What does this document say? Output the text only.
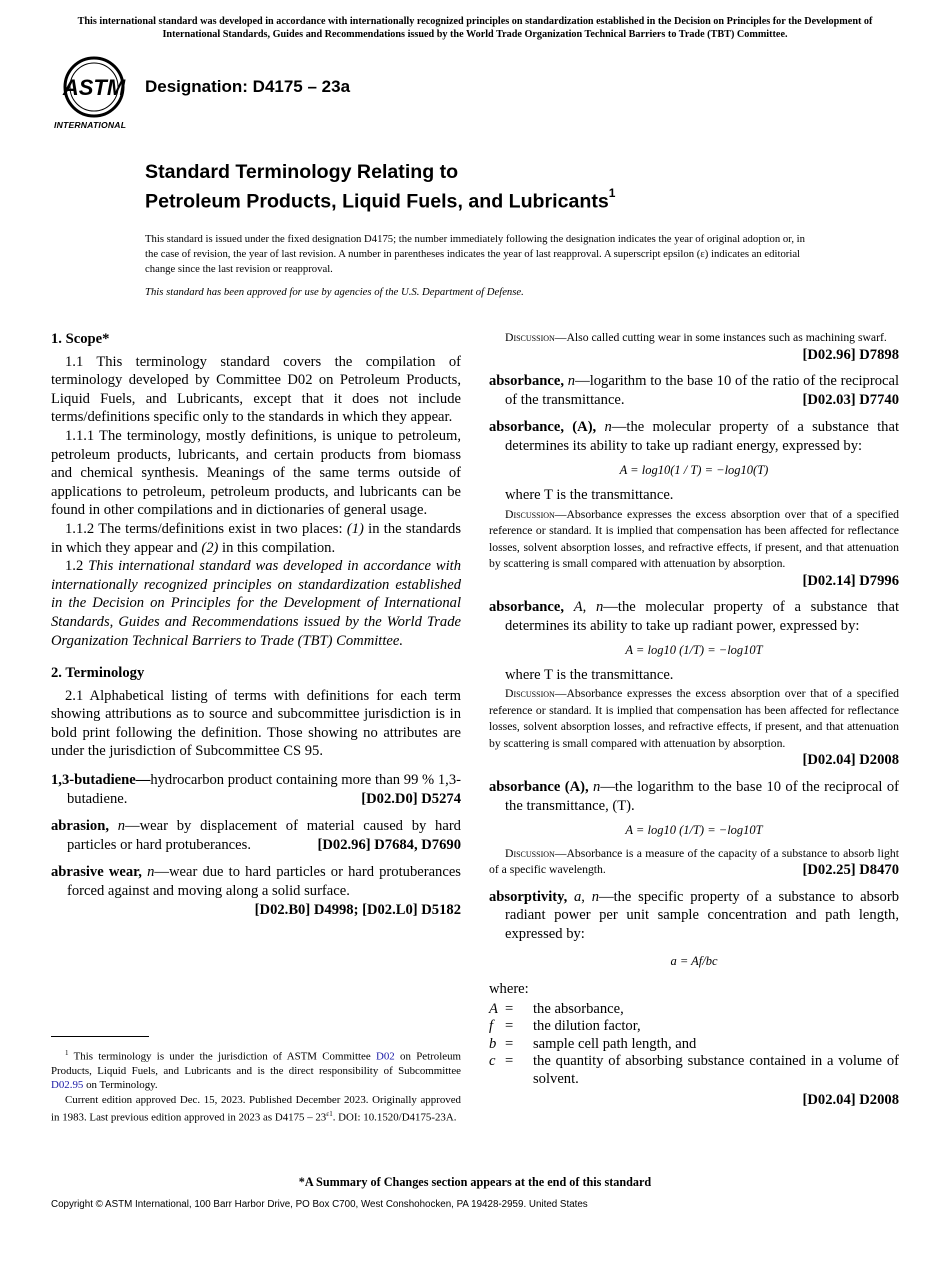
This international standard was developed in accordance with internationally recognized principles on standardization established in the Decision on Principles for the Development of International Standards, Guides and Recommendations issued by the World Trade Organization Technical Barriers to Trade (TBT) Committee.
ASTM
INTERNATIONAL
Designation: D4175 – 23a
Standard Terminology Relating to
Petroleum Products, Liquid Fuels, and Lubricants$^1$
This standard is issued under the fixed designation D4175; the number immediately following the designation indicates the year of original adoption or, in the case of revision, the year of last revision. A number in parentheses indicates the year of last reapproval. A superscript epsilon (ε) indicates an editorial change since the last revision or reapproval.
This standard has been approved for use by agencies of the U.S. Department of Defense.
1. Scope*
1.1 This terminology standard covers the compilation of terminology developed by Committee D02 on Petroleum Products, Liquid Fuels, and Lubricants, except that it does not include terms/definitions specific only to the standards in which they appear.
1.1.1 The terminology, mostly definitions, is unique to petroleum, petroleum products, lubricants, and certain products from biomass and chemical synthesis. Meanings of the same terms outside of applications to petroleum, petroleum products, and lubricants can be found in other compilations and in dictionaries of general usage.
1.1.2 The terms/definitions exist in two places: (1) in the standards in which they appear and (2) in this compilation.
1.2 This international standard was developed in accordance with internationally recognized principles on standardization established in the Decision on Principles for the Development of International Standards, Guides and Recommendations issued by the World Trade Organization Technical Barriers to Trade (TBT) Committee.
2. Terminology
2.1 Alphabetical listing of terms with definitions for each term showing attributions as to source and subcommittee jurisdiction is in bold print following the definition. Those showing no attributes are under the jurisdiction of Subcommittee CS 95.
1,3-butadiene—hydrocarbon product containing more than 99 % 1,3-butadiene.	[D02.D0] D5274
abrasion, n—wear by displacement of material caused by hard particles or hard protuberances.	[D02.96] D7684, D7690
abrasive wear, n—wear due to hard particles or hard protuberances forced against and moving along a solid surface.
[D02.B0] D4998; [D02.L0] D5182

$^1$ This terminology is under the jurisdiction of ASTM Committee D02 on Petroleum Products, Liquid Fuels, and Lubricants and is the direct responsibility of Subcommittee D02.95 on Terminology.

Current edition approved Dec. 15, 2023. Published December 2023. Originally approved in 1983. Last previous edition approved in 2023 as $D4175 - 23^{\varepsilon 1}$. DOI: 10.1520/D4175-23A.

Discussion—Also called cutting wear in some instances such as machining swarf.
[D02.96] D7898
absorbance, n—logarithm to the base 10 of the ratio of the reciprocal of the transmittance.	[D02.03] D7740
absorbance, (A), n—the molecular property of a substance that determines its ability to take up radiant energy, expressed by:
A = log10(1 / T) = −log10(T)
where T is the transmittance.
Discussion—Absorbance expresses the excess absorption over that of a specified reference or standard. It is implied that compensation has been affected for reflectance losses, solvent absorption losses, and refractive effects, if present, and that attenuation by scattering is small compared with attenuation by absorption.
[D02.14] D7996
absorbance, A, n—the molecular property of a substance that determines its ability to take up radiant power, expressed by:
A = log10 (1/T) = −log10T
where T is the transmittance.
Discussion—Absorbance expresses the excess absorption over that of a specified reference or standard. It is implied that compensation has been affected for reflectance losses, solvent absorption losses, and refractive effects, if present, and that attenuation by scattering is small compared with attenuation by absorption.
[D02.04] D2008
absorbance (A), n—the logarithm to the base 10 of the reciprocal of the transmittance, (T).
A = log10 (1/T) = −log10T
Discussion—Absorbance is a measure of the capacity of a substance to absorb light of a specific wavelength.	[D02.25] D8470
absorptivity, a, n—the specific property of a substance to absorb radiant power per unit sample concentration and path length, expressed by:
a = Af/bc
where:
A =	the absorbance,
f =	the dilution factor,
b =	sample cell path length, and
c =	the quantity of absorbing substance contained in a volume of solvent.
[D02.04] D2008
*A Summary of Changes section appears at the end of this standard
Copyright © ASTM International, 100 Barr Harbor Drive, PO Box C700, West Conshohocken, PA 19428-2959. United States
